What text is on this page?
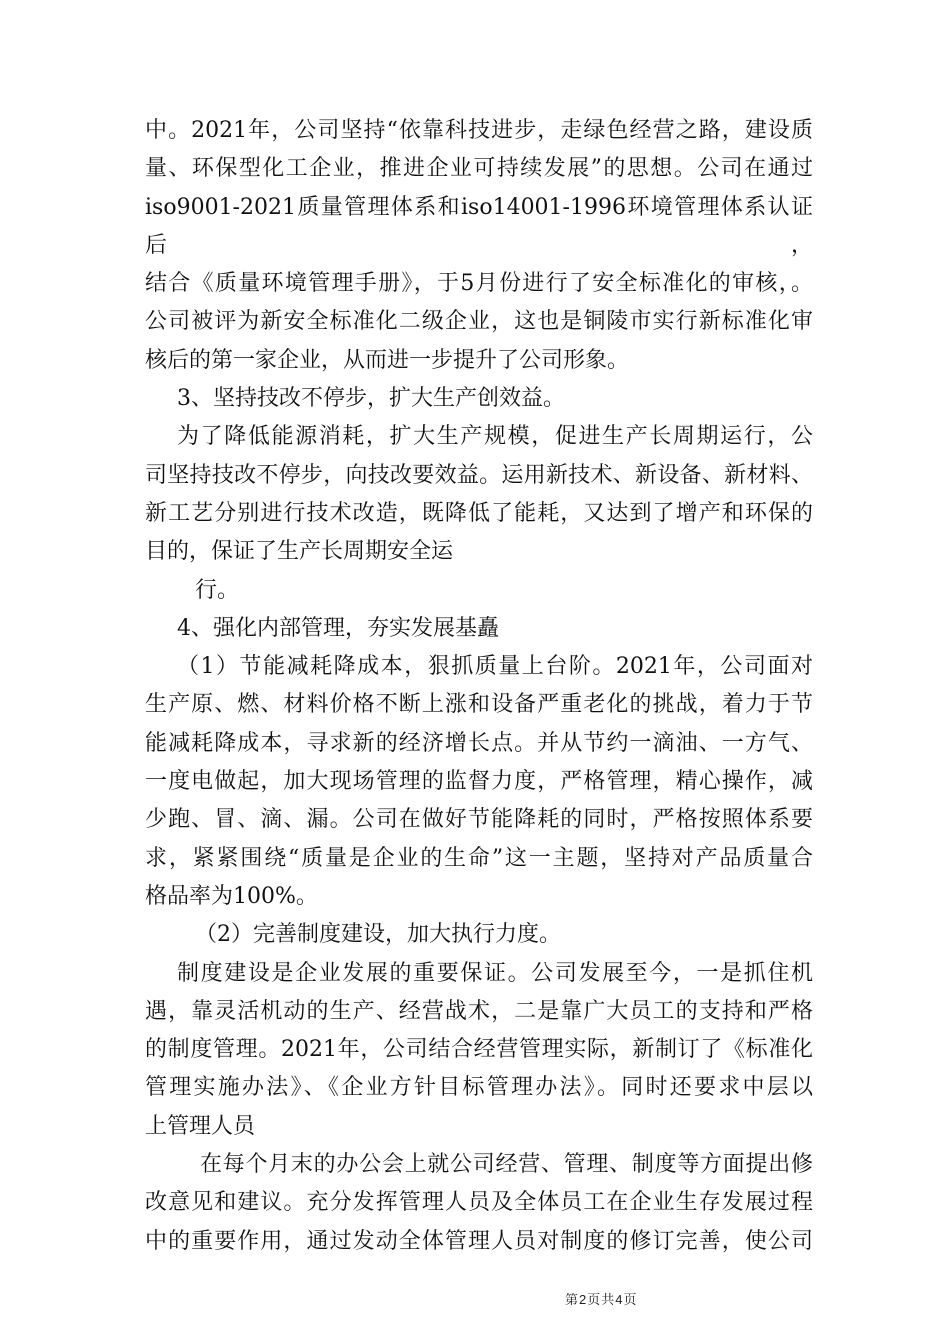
中。2021年，公司坚持“依靠科技进步，走绿色经营之路，建设质
量、环保型化工企业，推进企业可持续发展”的思想。公司在通过
iso9001-2021质量管理体系和iso14001-1996环境管理体系认证后，
结合《质量环境管理手册》，于5月份进行了安全标准化的审核，。
公司被评为新安全标准化二级企业，这也是铜陵市实行新标准化审
核后的第一家企业，从而进一步提升了公司形象。
3、坚持技改不停步，扩大生产创效益。
为了降低能源消耗，扩大生产规模，促进生产长周期运行，公
司坚持技改不停步，向技改要效益。运用新技术、新设备、新材料、
新工艺分别进行技术改造，既降低了能耗，又达到了增产和环保的
目的，保证了生产长周期安全运
行。
4、强化内部管理，夯实发展基矗
（1）节能减耗降成本，狠抓质量上台阶。2021年，公司面对
生产原、燃、材料价格不断上涨和设备严重老化的挑战，着力于节
能减耗降成本，寻求新的经济增长点。并从节约一滴油、一方气、
一度电做起，加大现场管理的监督力度，严格管理，精心操作，减
少跑、冒、滴、漏。公司在做好节能降耗的同时，严格按照体系要
求，紧紧围绕“质量是企业的生命”这一主题，坚持对产品质量合
格品率为100%。
（2）完善制度建设，加大执行力度。
制度建设是企业发展的重要保证。公司发展至今，一是抓住机
遇，靠灵活机动的生产、经营战术，二是靠广大员工的支持和严格
的制度管理。2021年，公司结合经营管理实际，新制订了《标准化
管理实施办法》、《企业方针目标管理办法》。同时还要求中层以
上管理人员
在每个月末的办公会上就公司经营、管理、制度等方面提出修
改意见和建议。充分发挥管理人员及全体员工在企业生存发展过程
中的重要作用，通过发动全体管理人员对制度的修订完善，使公司
第2页共4页
